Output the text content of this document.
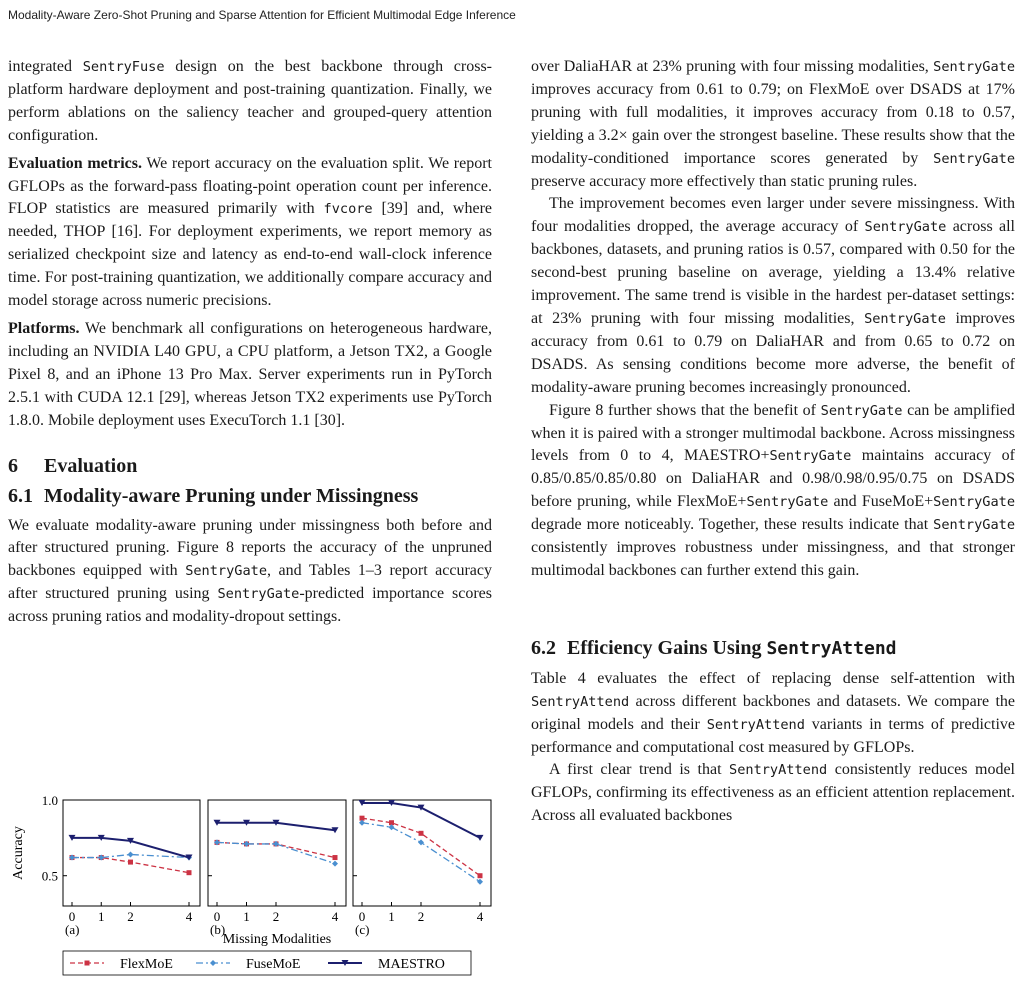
Modality-Aware Zero-Shot Pruning and Sparse Attention for Efficient Multimodal Edge Inference

integrated SentryFuse design on the best backbone through cross-platform hardware deployment and post-training quantization. Finally, we perform ablations on the saliency teacher and grouped-query attention configuration.

Evaluation metrics. We report accuracy on the evaluation split. We report GFLOPs as the forward-pass floating-point operation count per inference. FLOP statistics are measured primarily with fvcore [39] and, where needed, THOP [16]. For deployment experiments, we report memory as serialized checkpoint size and latency as end-to-end wall-clock inference time. For post-training quantization, we additionally compare accuracy and model storage across numeric precisions.

Platforms. We benchmark all configurations on heterogeneous hardware, including an NVIDIA L40 GPU, a CPU platform, a Jetson TX2, a Google Pixel 8, and an iPhone 13 Pro Max. Server experiments run in PyTorch 2.5.1 with CUDA 12.1 [29], whereas Jetson TX2 experiments use PyTorch 1.8.0. Mobile deployment uses ExecuTorch 1.1 [30].

6 Evaluation
6.1 Modality-aware Pruning under Missingness

We evaluate modality-aware pruning under missingness both before and after structured pruning. Figure 8 reports the accuracy of the unpruned backbones equipped with SentryGate, and Tables 1–3 report accuracy after structured pruning using SentryGate-predicted importance scores across pruning ratios and modality-dropout settings.

Accuracy 0.5
1.0
0 1 2	4
(a)
0 1 2	4
(b)
0 1 2	4
(c)
Missing Modalities
FlexMoE	FuseMoE	MAESTRO

over DaliaHAR at 23% pruning with four missing modalities, SentryGate improves accuracy from 0.61 to 0.79; on FlexMoE over DSADS at 17% pruning with full modalities, it improves accuracy from 0.18 to 0.57, yielding a 3.2× gain over the strongest baseline. These results show that the modality-conditioned importance scores generated by SentryGate preserve accuracy more effectively than static pruning rules.

The improvement becomes even larger under severe missingness. With four modalities dropped, the average accuracy of SentryGate across all backbones, datasets, and pruning ratios is 0.57, compared with 0.50 for the second-best pruning baseline on average, yielding a 13.4% relative improvement. The same trend is visible in the hardest per-dataset settings: at 23% pruning with four missing modalities, SentryGate improves accuracy from 0.61 to 0.79 on DaliaHAR and from 0.65 to 0.72 on DSADS. As sensing conditions become more adverse, the benefit of modality-aware pruning becomes increasingly pronounced.

Figure 8 further shows that the benefit of SentryGate can be amplified when it is paired with a stronger multimodal backbone. Across missingness levels from 0 to 4, MAESTRO+SentryGate maintains accuracy of 0.85/0.85/0.85/0.80 on DaliaHAR and 0.98/0.98/0.95/0.75 on DSADS before pruning, while FlexMoE+SentryGate and FuseMoE+SentryGate degrade more noticeably. Together, these results indicate that SentryGate consistently improves robustness under missingness, and that stronger multimodal backbones can further extend this gain.

6.2 Efficiency Gains Using SentryAttend

Table 4 evaluates the effect of replacing dense self-attention with SentryAttend across different backbones and datasets. We compare the original models and their SentryAttend variants in terms of predictive performance and computational cost measured by GFLOPs.

A first clear trend is that SentryAttend consistently reduces model GFLOPs, confirming its effectiveness as an efficient attention replacement. Across all evaluated backbones
